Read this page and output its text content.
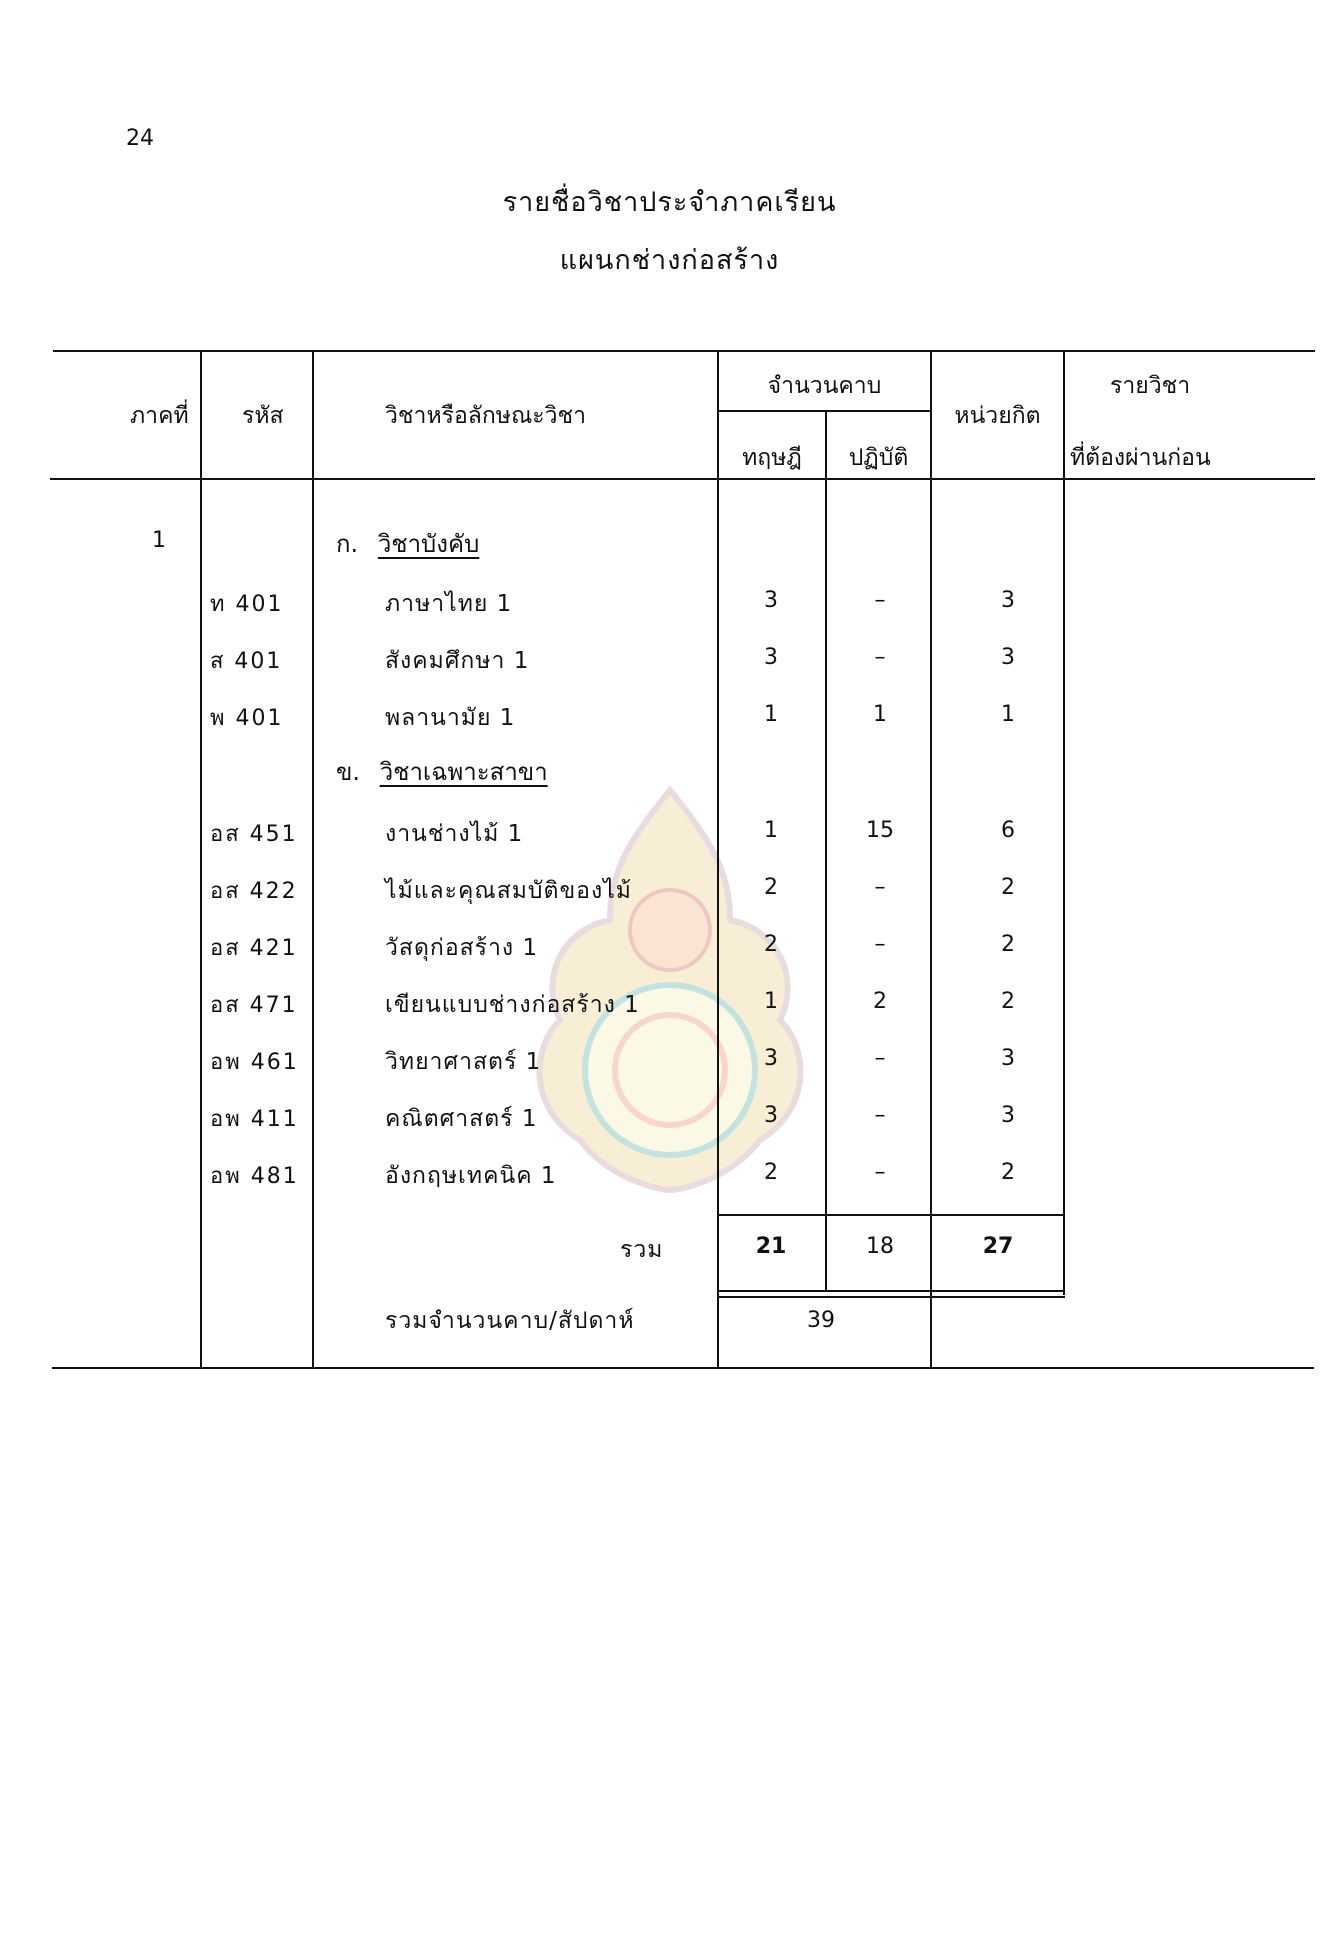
24
รายชื่อวิชาประจำภาคเรียน
แผนกช่างก่อสร้าง
ภาคที่ รหัส	วิชาหรือลักษณะวิชา
จำนวนคาบ
ทฤษฎี	ปฏิบัติ
หน่วยกิต
รายวิชา
ที่ต้องผ่านก่อน
1	ก. วิชาบังคับ
ท 401	ภาษาไทย 1	3	–	3
ส 401	สังคมศึกษา 1	3	–	3
พ 401	พลานามัย 1	1	1	1
ข. วิชาเฉพาะสาขา
อส 451	งานช่างไม้ 1	1	15	6
อส 422	ไม้และคุณสมบัติของไม้	2	–	2
อส 421	วัสดุก่อสร้าง 1	2	–	2
อส 471	เขียนแบบช่างก่อสร้าง 1	1	2	2
อพ 461	วิทยาศาสตร์ 1	3	–	3
อพ 411	คณิตศาสตร์ 1	3	–	3
อพ 481	อังกฤษเทคนิค 1	2	–	2
รวม	21	18	27
รวมจำนวนคาบ/สัปดาห์	39
